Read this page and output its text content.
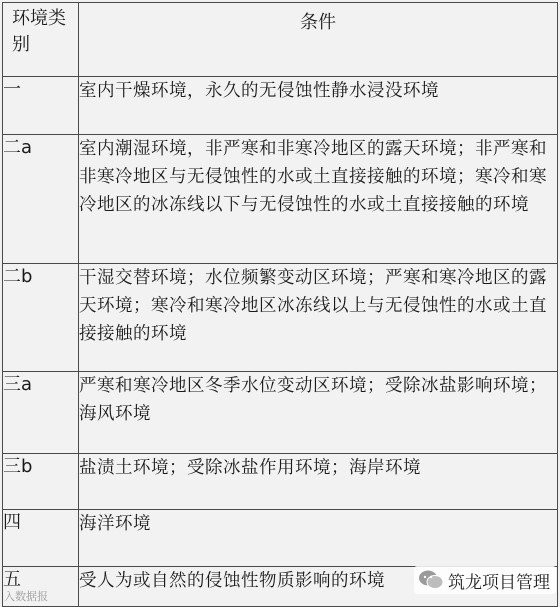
环境类别	条件
一	室内干燥环境，永久的无侵蚀性静水浸没环境
二a	室内潮湿环境，非严寒和非寒冷地区的露天环境；非严寒和非寒冷地区与无侵蚀性的水或土直接接触的环境；寒冷和寒冷地区的冰冻线以下与无侵蚀性的水或土直接接触的环境
二b	干湿交替环境；水位频繁变动区环境；严寒和寒冷地区的露天环境；寒冷和寒冷地区冰冻线以上与无侵蚀性的水或土直接接触的环境
三a	严寒和寒冷地区冬季水位变动区环境；受除冰盐影响环境；海风环境
三b	盐渍土环境；受除冰盐作用环境；海岸环境
四	海洋环境
五	受人为或自然的侵蚀性物质影响的环境
入数据报
筑龙项目管理
